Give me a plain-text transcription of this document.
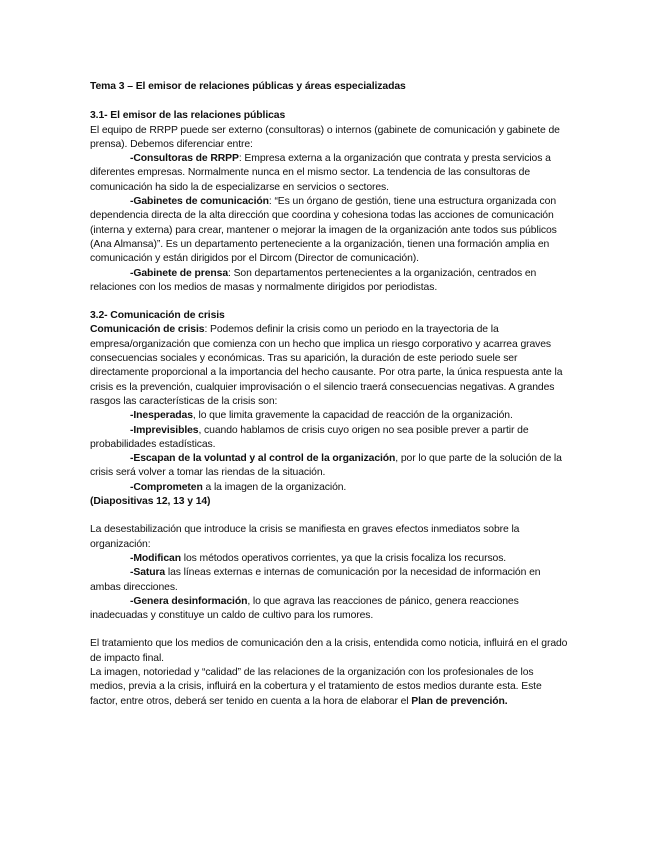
Tema 3 – El emisor de relaciones públicas y áreas especializadas

3.1- El emisor de las relaciones públicas

El equipo de RRPP puede ser externo (consultoras) o internos (gabinete de comunicación y gabinete de prensa). Debemos diferenciar entre:

-Consultoras de RRPP: Empresa externa a la organización que contrata y presta servicios a diferentes empresas. Normalmente nunca en el mismo sector. La tendencia de las consultoras de comunicación ha sido la de especializarse en servicios o sectores.

-Gabinetes de comunicación: “Es un órgano de gestión, tiene una estructura organizada con dependencia directa de la alta dirección que coordina y cohesiona todas las acciones de comunicación (interna y externa) para crear, mantener o mejorar la imagen de la organización ante todos sus públicos (Ana Almansa)”. Es un departamento perteneciente a la organización, tienen una formación amplia en comunicación y están dirigidos por el Dircom (Director de comunicación).

-Gabinete de prensa: Son departamentos pertenecientes a la organización, centrados en relaciones con los medios de masas y normalmente dirigidos por periodistas.

3.2- Comunicación de crisis

Comunicación de crisis: Podemos definir la crisis como un periodo en la trayectoria de la empresa/organización que comienza con un hecho que implica un riesgo corporativo y acarrea graves consecuencias sociales y económicas. Tras su aparición, la duración de este periodo suele ser directamente proporcional a la importancia del hecho causante. Por otra parte, la única respuesta ante la crisis es la prevención, cualquier improvisación o el silencio traerá consecuencias negativas. A grandes rasgos las características de la crisis son:

-Inesperadas, lo que limita gravemente la capacidad de reacción de la organización.

-Imprevisibles, cuando hablamos de crisis cuyo origen no sea posible prever a partir de probabilidades estadísticas.

-Escapan de la voluntad y al control de la organización, por lo que parte de la solución de la crisis será volver a tomar las riendas de la situación.

-Comprometen a la imagen de la organización.

(Diapositivas 12, 13 y 14)

La desestabilización que introduce la crisis se manifiesta en graves efectos inmediatos sobre la organización:

-Modifican los métodos operativos corrientes, ya que la crisis focaliza los recursos.

-Satura las líneas externas e internas de comunicación por la necesidad de información en ambas direcciones.

-Genera desinformación, lo que agrava las reacciones de pánico, genera reacciones inadecuadas y constituye un caldo de cultivo para los rumores.

El tratamiento que los medios de comunicación den a la crisis, entendida como noticia, influirá en el grado de impacto final.

La imagen, notoriedad y “calidad” de las relaciones de la organización con los profesionales de los medios, previa a la crisis, influirá en la cobertura y el tratamiento de estos medios durante esta. Este factor, entre otros, deberá ser tenido en cuenta a la hora de elaborar el Plan de prevención.
